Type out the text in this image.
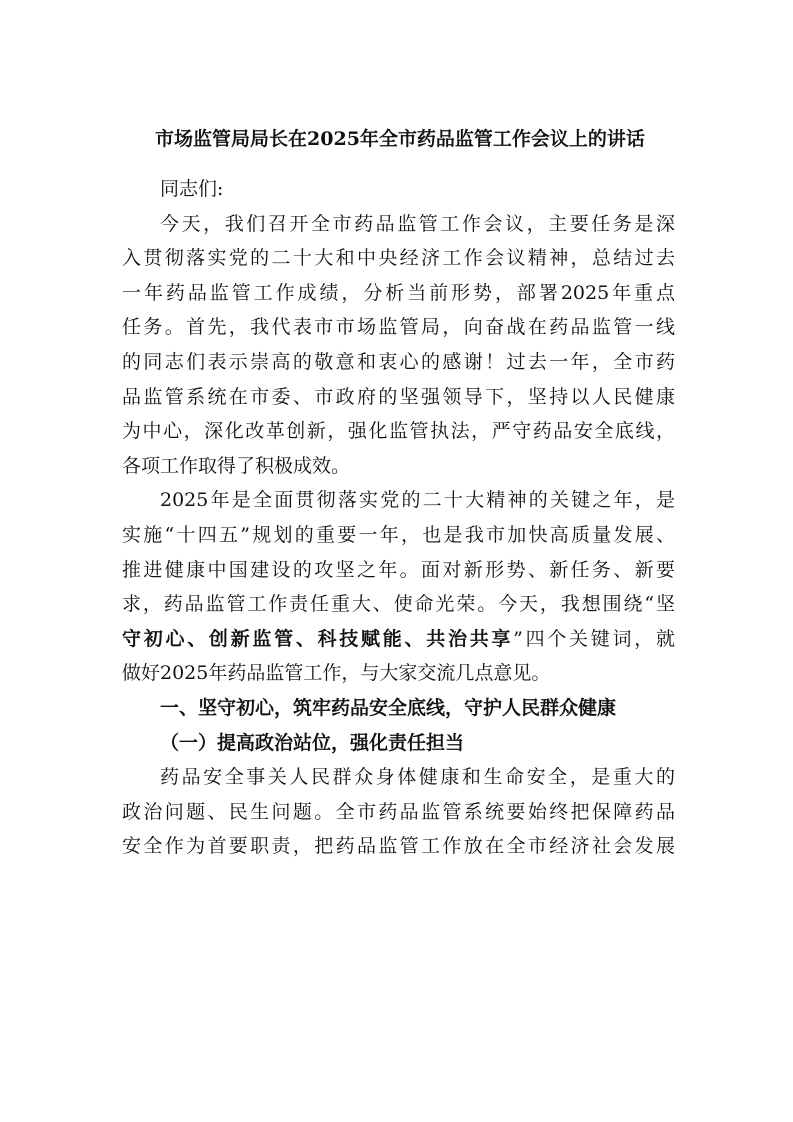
市场监管局局长在2025年全市药品监管工作会议上的讲话

同志们:

今天，我们召开全市药品监管工作会议，主要任务是深
入贯彻落实党的二十大和中央经济工作会议精神，总结过去
一年药品监管工作成绩，分析当前形势，部署2025年重点
任务。首先，我代表市市场监管局，向奋战在药品监管一线
的同志们表示崇高的敬意和衷心的感谢！过去一年，全市药
品监管系统在市委、市政府的坚强领导下，坚持以人民健康
为中心，深化改革创新，强化监管执法，严守药品安全底线，
各项工作取得了积极成效。
2025年是全面贯彻落实党的二十大精神的关键之年，是
实施“十四五”规划的重要一年，也是我市加快高质量发展、
推进健康中国建设的攻坚之年。面对新形势、新任务、新要
求，药品监管工作责任重大、使命光荣。今天，我想围绕“坚
守初心、创新监管、科技赋能、共治共享”四个关键词，就
做好2025年药品监管工作，与大家交流几点意见。

一、坚守初心，筑牢药品安全底线，守护人民群众健康

（一）提高政治站位，强化责任担当

药品安全事关人民群众身体健康和生命安全，是重大的
政治问题、民生问题。全市药品监管系统要始终把保障药品
安全作为首要职责，把药品监管工作放在全市经济社会发展
